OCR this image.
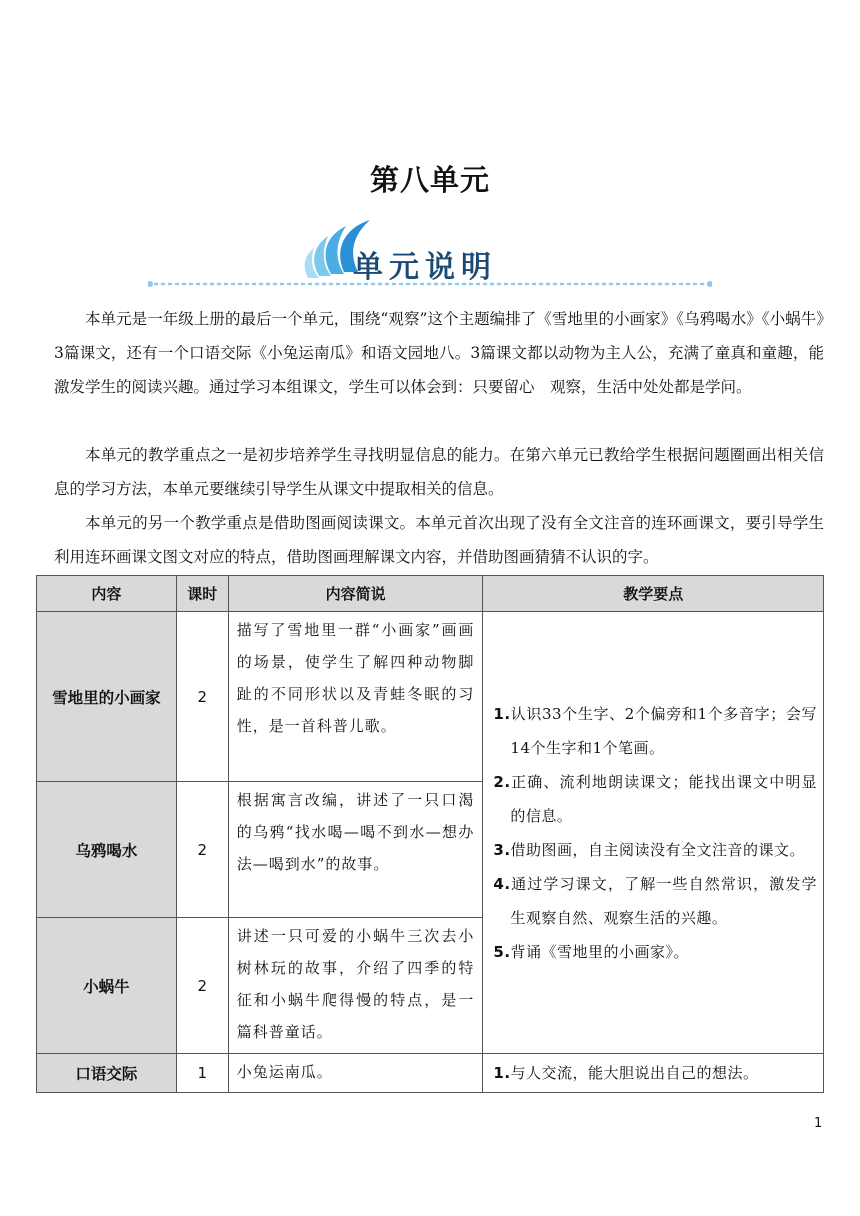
第八单元
单元说明

本单元是一年级上册的最后一个单元，围绕“观察”这个主题编排了《雪地里的小画家》《乌鸦喝水》《小蜗牛》3篇课文，还有一个口语交际《小兔运南瓜》和语文园地八。3篇课文都以动物为主人公，充满了童真和童趣，能激发学生的阅读兴趣。通过学习本组课文，学生可以体会到：只要留心　观察，生活中处处都是学问。

本单元的教学重点之一是初步培养学生寻找明显信息的能力。在第六单元已教给学生根据问题圈画出相关信息的学习方法，本单元要继续引导学生从课文中提取相关的信息。

本单元的另一个教学重点是借助图画阅读课文。本单元首次出现了没有全文注音的连环画课文，要引导学生利用连环画课文图文对应的特点，借助图画理解课文内容，并借助图画猜猜不认识的字。

内容	课时	内容简说	教学要点
雪地里的小画家	2	描写了雪地里一群“小画家”画画的场景，使学生了解四种动物脚趾的不同形状以及青蛙冬眠的习性，是一首科普儿歌。	1.认识33个生字、2个偏旁和1个多音字；会写14个生字和1个笔画。
2.正确、流利地朗读课文；能找出课文中明显的信息。
3.借助图画，自主阅读没有全文注音的课文。
4.通过学习课文，了解一些自然常识，激发学生观察自然、观察生活的兴趣。
5.背诵《雪地里的小画家》。

乌鸦喝水	2	根据寓言改编，讲述了一只口渴的乌鸦“找水喝—喝不到水—想办法—喝到水”的故事。	
小蜗牛	2	讲述一只可爱的小蜗牛三次去小树林玩的故事，介绍了四季的特征和小蜗牛爬得慢的特点，是一篇科普童话。	
口语交际	1	小兔运南瓜。	1.与人交流，能大胆说出自己的想法。
1
